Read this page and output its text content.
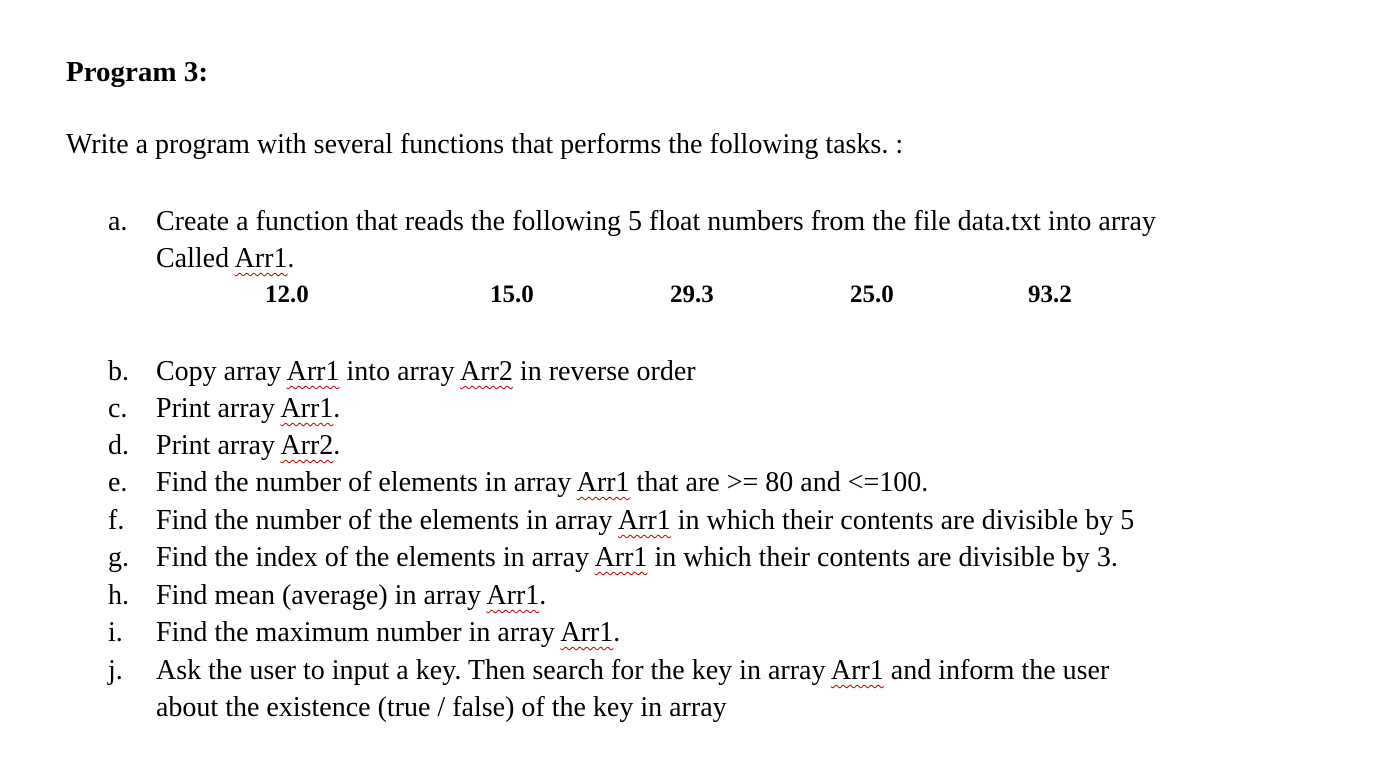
Program 3:
Write a program with several functions that performs the following tasks. :
a. Create a function that reads the following 5 float numbers from the file data.txt into array
Called Arr1.
12.0	15.0	29.3	25.0	93.2
b. Copy array Arr1 into array Arr2 in reverse order
c. Print array Arr1.
d. Print array Arr2.
e. Find the number of elements in array Arr1 that are >= 80 and <=100.
f. Find the number of the elements in array Arr1 in which their contents are divisible by 5
g. Find the index of the elements in array Arr1 in which their contents are divisible by 3.
h. Find mean (average) in array Arr1.
i. Find the maximum number in array Arr1.
j. Ask the user to input a key. Then search for the key in array Arr1 and inform the user
about the existence (true / false) of the key in array
